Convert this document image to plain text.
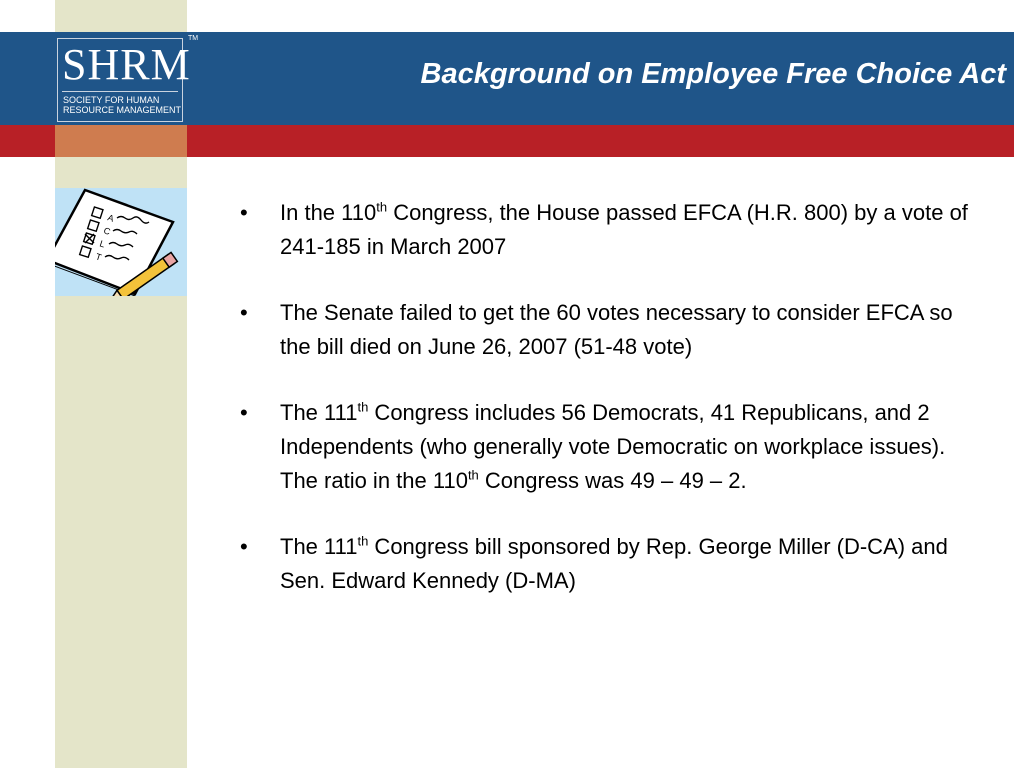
SHRM
SOCIETY FOR HUMAN
RESOURCE MANAGEMENT
TM
Background on Employee Free Choice Act
A
C
L
T
• In the 110th Congress, the House passed EFCA (H.R. 800) by a vote of 241-185 in March 2007
• The Senate failed to get the 60 votes necessary to consider EFCA so the bill died on June 26, 2007 (51-48 vote)
• The 111th Congress includes 56 Democrats, 41 Republicans, and 2 Independents (who generally vote Democratic on workplace issues). The ratio in the 110th Congress was 49 – 49 – 2.
• The 111th Congress bill sponsored by Rep. George Miller (D-CA) and Sen. Edward Kennedy (D-MA)
